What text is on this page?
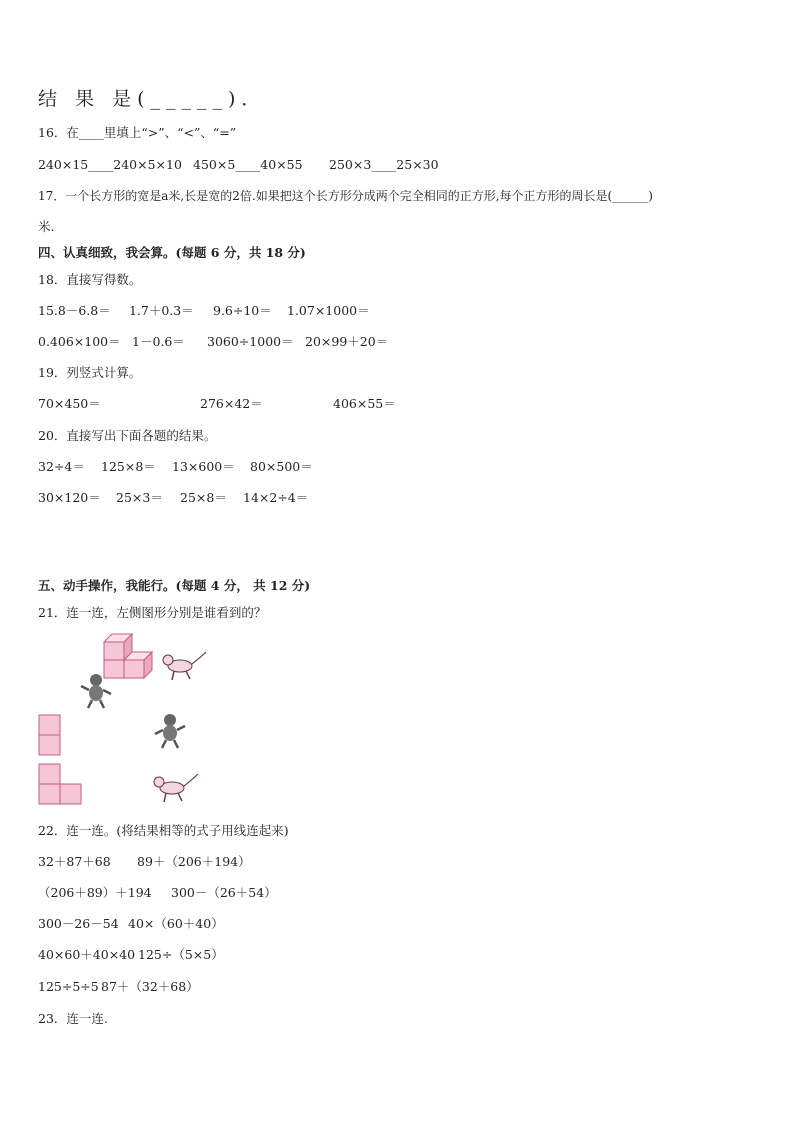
结 果 是(_____)．
16．在____里填上“>”、“<”、“=”
240×15____240×5×10 450×5____40×55 250×3____25×30
17．一个长方形的宽是a米,长是宽的2倍.如果把这个长方形分成两个完全相同的正方形,每个正方形的周长是(______)
米.
四、认真细致，我会算。(每题 6 分，共 18 分)
18．直接写得数。
15.8－6.8＝ 1.7＋0.3＝ 9.6÷10＝ 1.07×1000＝
0.406×100＝ 1－0.6＝ 3060÷1000＝ 20×99＋20＝
19．列竖式计算。
70×450＝	276×42＝	406×55＝
20．直接写出下面各题的结果。
32÷4＝ 125×8＝ 13×600＝ 80×500＝
30×120＝ 25×3＝ 25×8＝ 14×2÷4＝
五、动手操作，我能行。(每题 4 分， 共 12 分)
21．连一连，左侧图形分别是谁看到的？
22．连一连。(将结果相等的式子用线连起来)
32＋87＋68 89＋（206＋194）
（206＋89）＋194 300－（26＋54）
300－26－54 40×（60＋40）
40×60＋40×40 125÷（5×5）
125÷5÷5 87＋（32＋68）
23．连一连.
